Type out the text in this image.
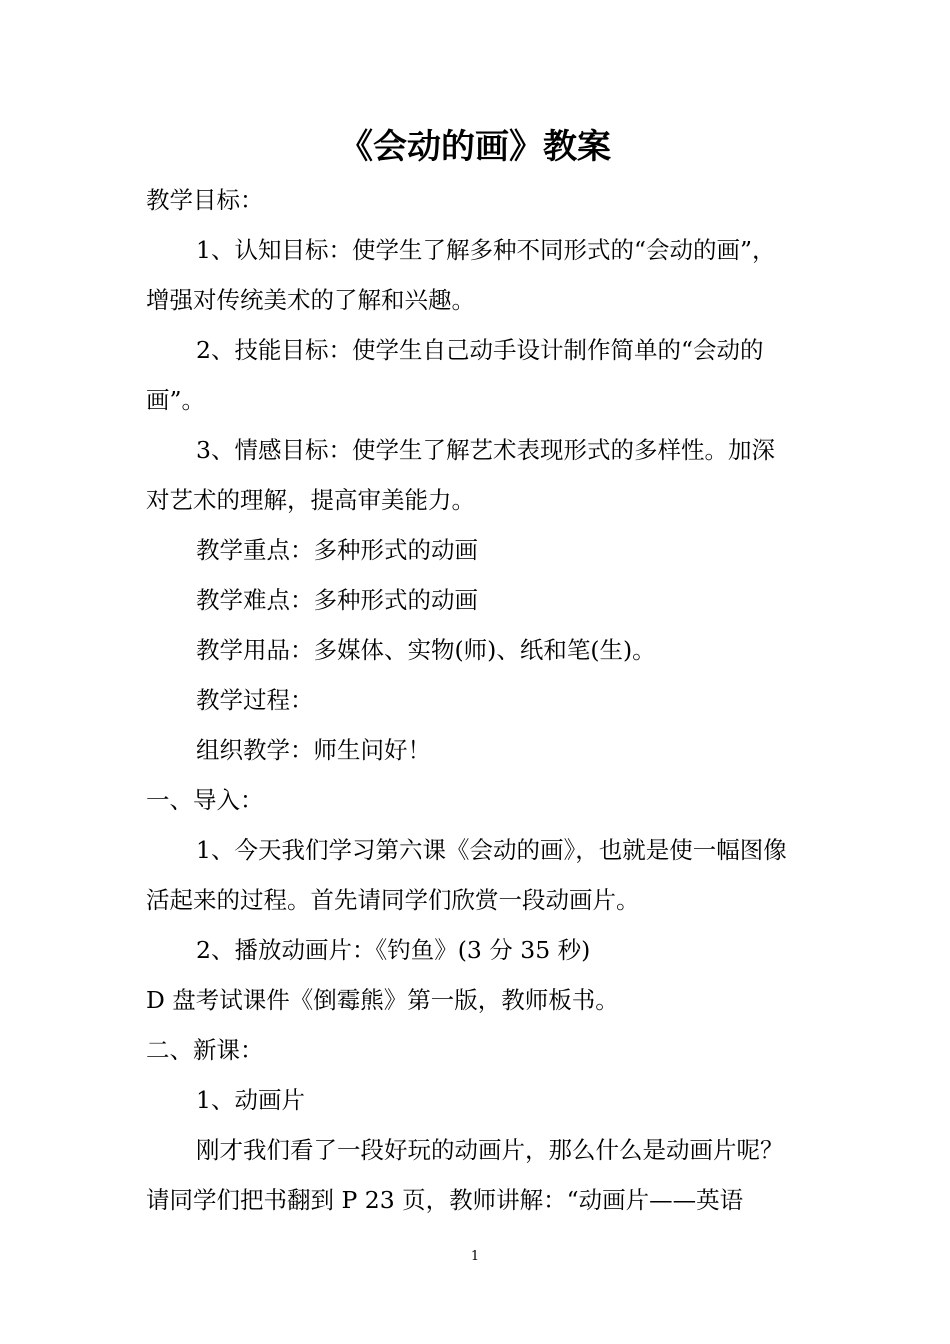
《会动的画》教案
教学目标：
1、认知目标：使学生了解多种不同形式的“会动的画”，
增强对传统美术的了解和兴趣。
2、技能目标：使学生自己动手设计制作简单的“会动的
画”。
3、情感目标：使学生了解艺术表现形式的多样性。加深
对艺术的理解，提高审美能力。
教学重点：多种形式的动画
教学难点：多种形式的动画
教学用品：多媒体、实物(师)、纸和笔(生)。
教学过程：
组织教学：师生问好！
一、导入：
1、今天我们学习第六课《会动的画》，也就是使一幅图像
活起来的过程。首先请同学们欣赏一段动画片。
2、播放动画片：《钓鱼》(3 分 35 秒)
D 盘考试课件《倒霉熊》第一版，教师板书。
二、新课：
1、动画片
刚才我们看了一段好玩的动画片，那么什么是动画片呢？
请同学们把书翻到 P 23 页，教师讲解：“动画片——英语
1
